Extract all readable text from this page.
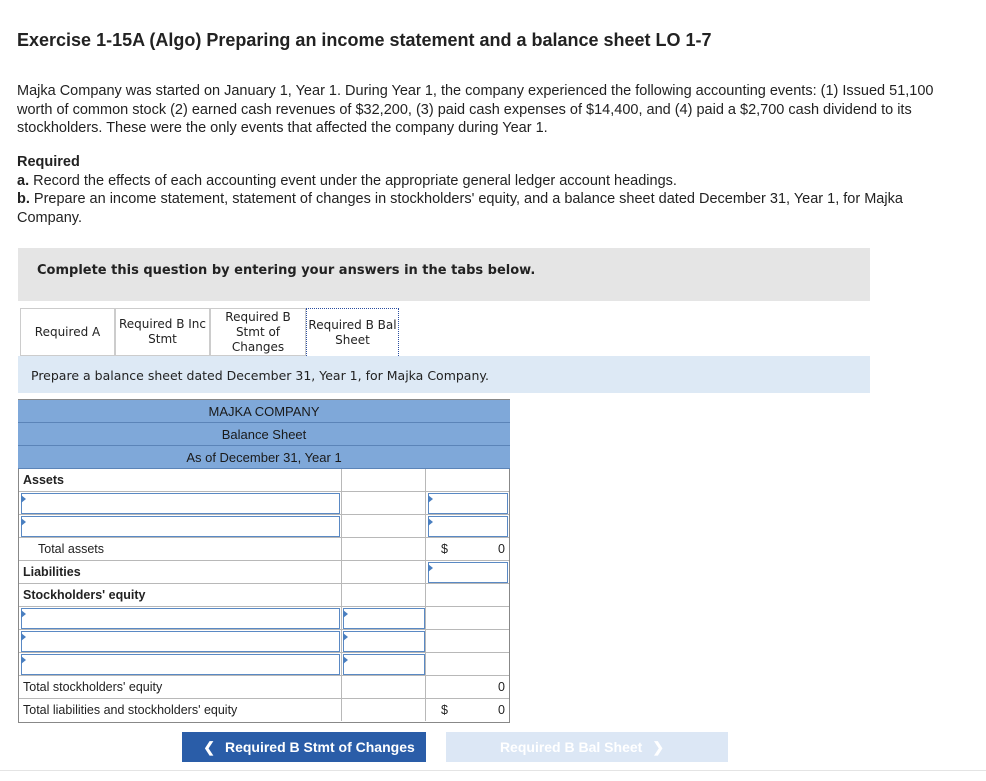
Exercise 1-15A (Algo) Preparing an income statement and a balance sheet LO 1-7

Majka Company was started on January 1, Year 1. During Year 1, the company experienced the following accounting events: (1) Issued 51,100 worth of common stock (2) earned cash revenues of $32,200, (3) paid cash expenses of $14,400, and (4) paid a $2,700 cash dividend to its stockholders. These were the only events that affected the company during Year 1.

Required
a. Record the effects of each accounting event under the appropriate general ledger account headings.
b. Prepare an income statement, statement of changes in stockholders' equity, and a balance sheet dated December 31, Year 1, for Majka Company.
Complete this question by entering your answers in the tabs below.
Required A
Required B Inc Stmt
Required B Stmt of Changes
Required B Bal Sheet
Prepare a balance sheet dated December 31, Year 1, for Majka Company.
MAJKA COMPANY
Balance Sheet
As of December 31, Year 1
Assets
Total assets	$	0
Liabilities
Stockholders' equity
Total stockholders' equity	0
Total liabilities and stockholders' equity	$	0
❮ Required B Stmt of Changes	Required B Bal Sheet ❯
